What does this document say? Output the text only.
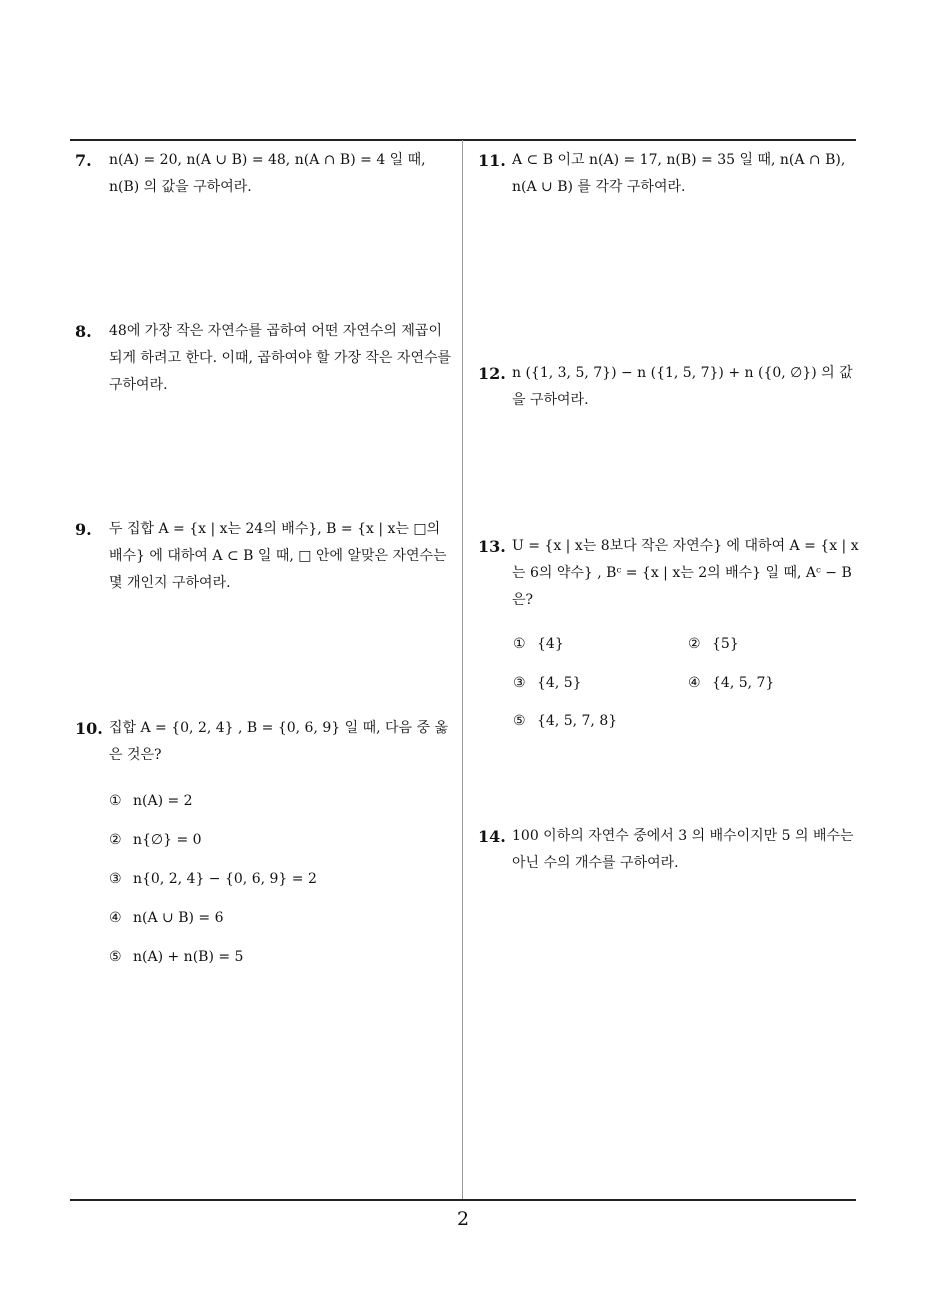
7. n(A) = 20, n(A ∪ B) = 48, n(A ∩ B) = 4 일 때, n(B) 의 값을 구하여라.
8. 48에 가장 작은 자연수를 곱하여 어떤 자연수의 제곱이 되게 하려고 한다. 이때, 곱하여야 할 가장 작은 자연수를 구하여라.
9. 두 집합 A = {x | x는 24의 배수}, B = {x | x는 □의 배수} 에 대하여 A ⊂ B 일 때, □ 안에 알맞은 자연수는 몇 개인지 구하여라.
10. 집합 A = {0, 2, 4} , B = {0, 6, 9} 일 때, 다음 중 옳은 것은?
① n(A) = 2
② n{∅} = 0
③ n{0, 2, 4} − {0, 6, 9} = 2
④ n(A ∪ B) = 6
⑤ n(A) + n(B) = 5
11. A ⊂ B 이고 n(A) = 17, n(B) = 35 일 때, n(A ∩ B), n(A ∪ B) 를 각각 구하여라.
12. n ({1, 3, 5, 7}) − n ({1, 5, 7}) + n ({0, ∅}) 의 값을 구하여라.
13. U = {x | x는 8보다 작은 자연수} 에 대하여 A = {x | x는 6의 약수} , Bᶜ = {x | x는 2의 배수} 일 때, Aᶜ − B 은?
① {4}	② {5}
③ {4, 5}	④ {4, 5, 7}
⑤ {4, 5, 7, 8}
14. 100 이하의 자연수 중에서 3 의 배수이지만 5 의 배수는 아닌 수의 개수를 구하여라.
2
